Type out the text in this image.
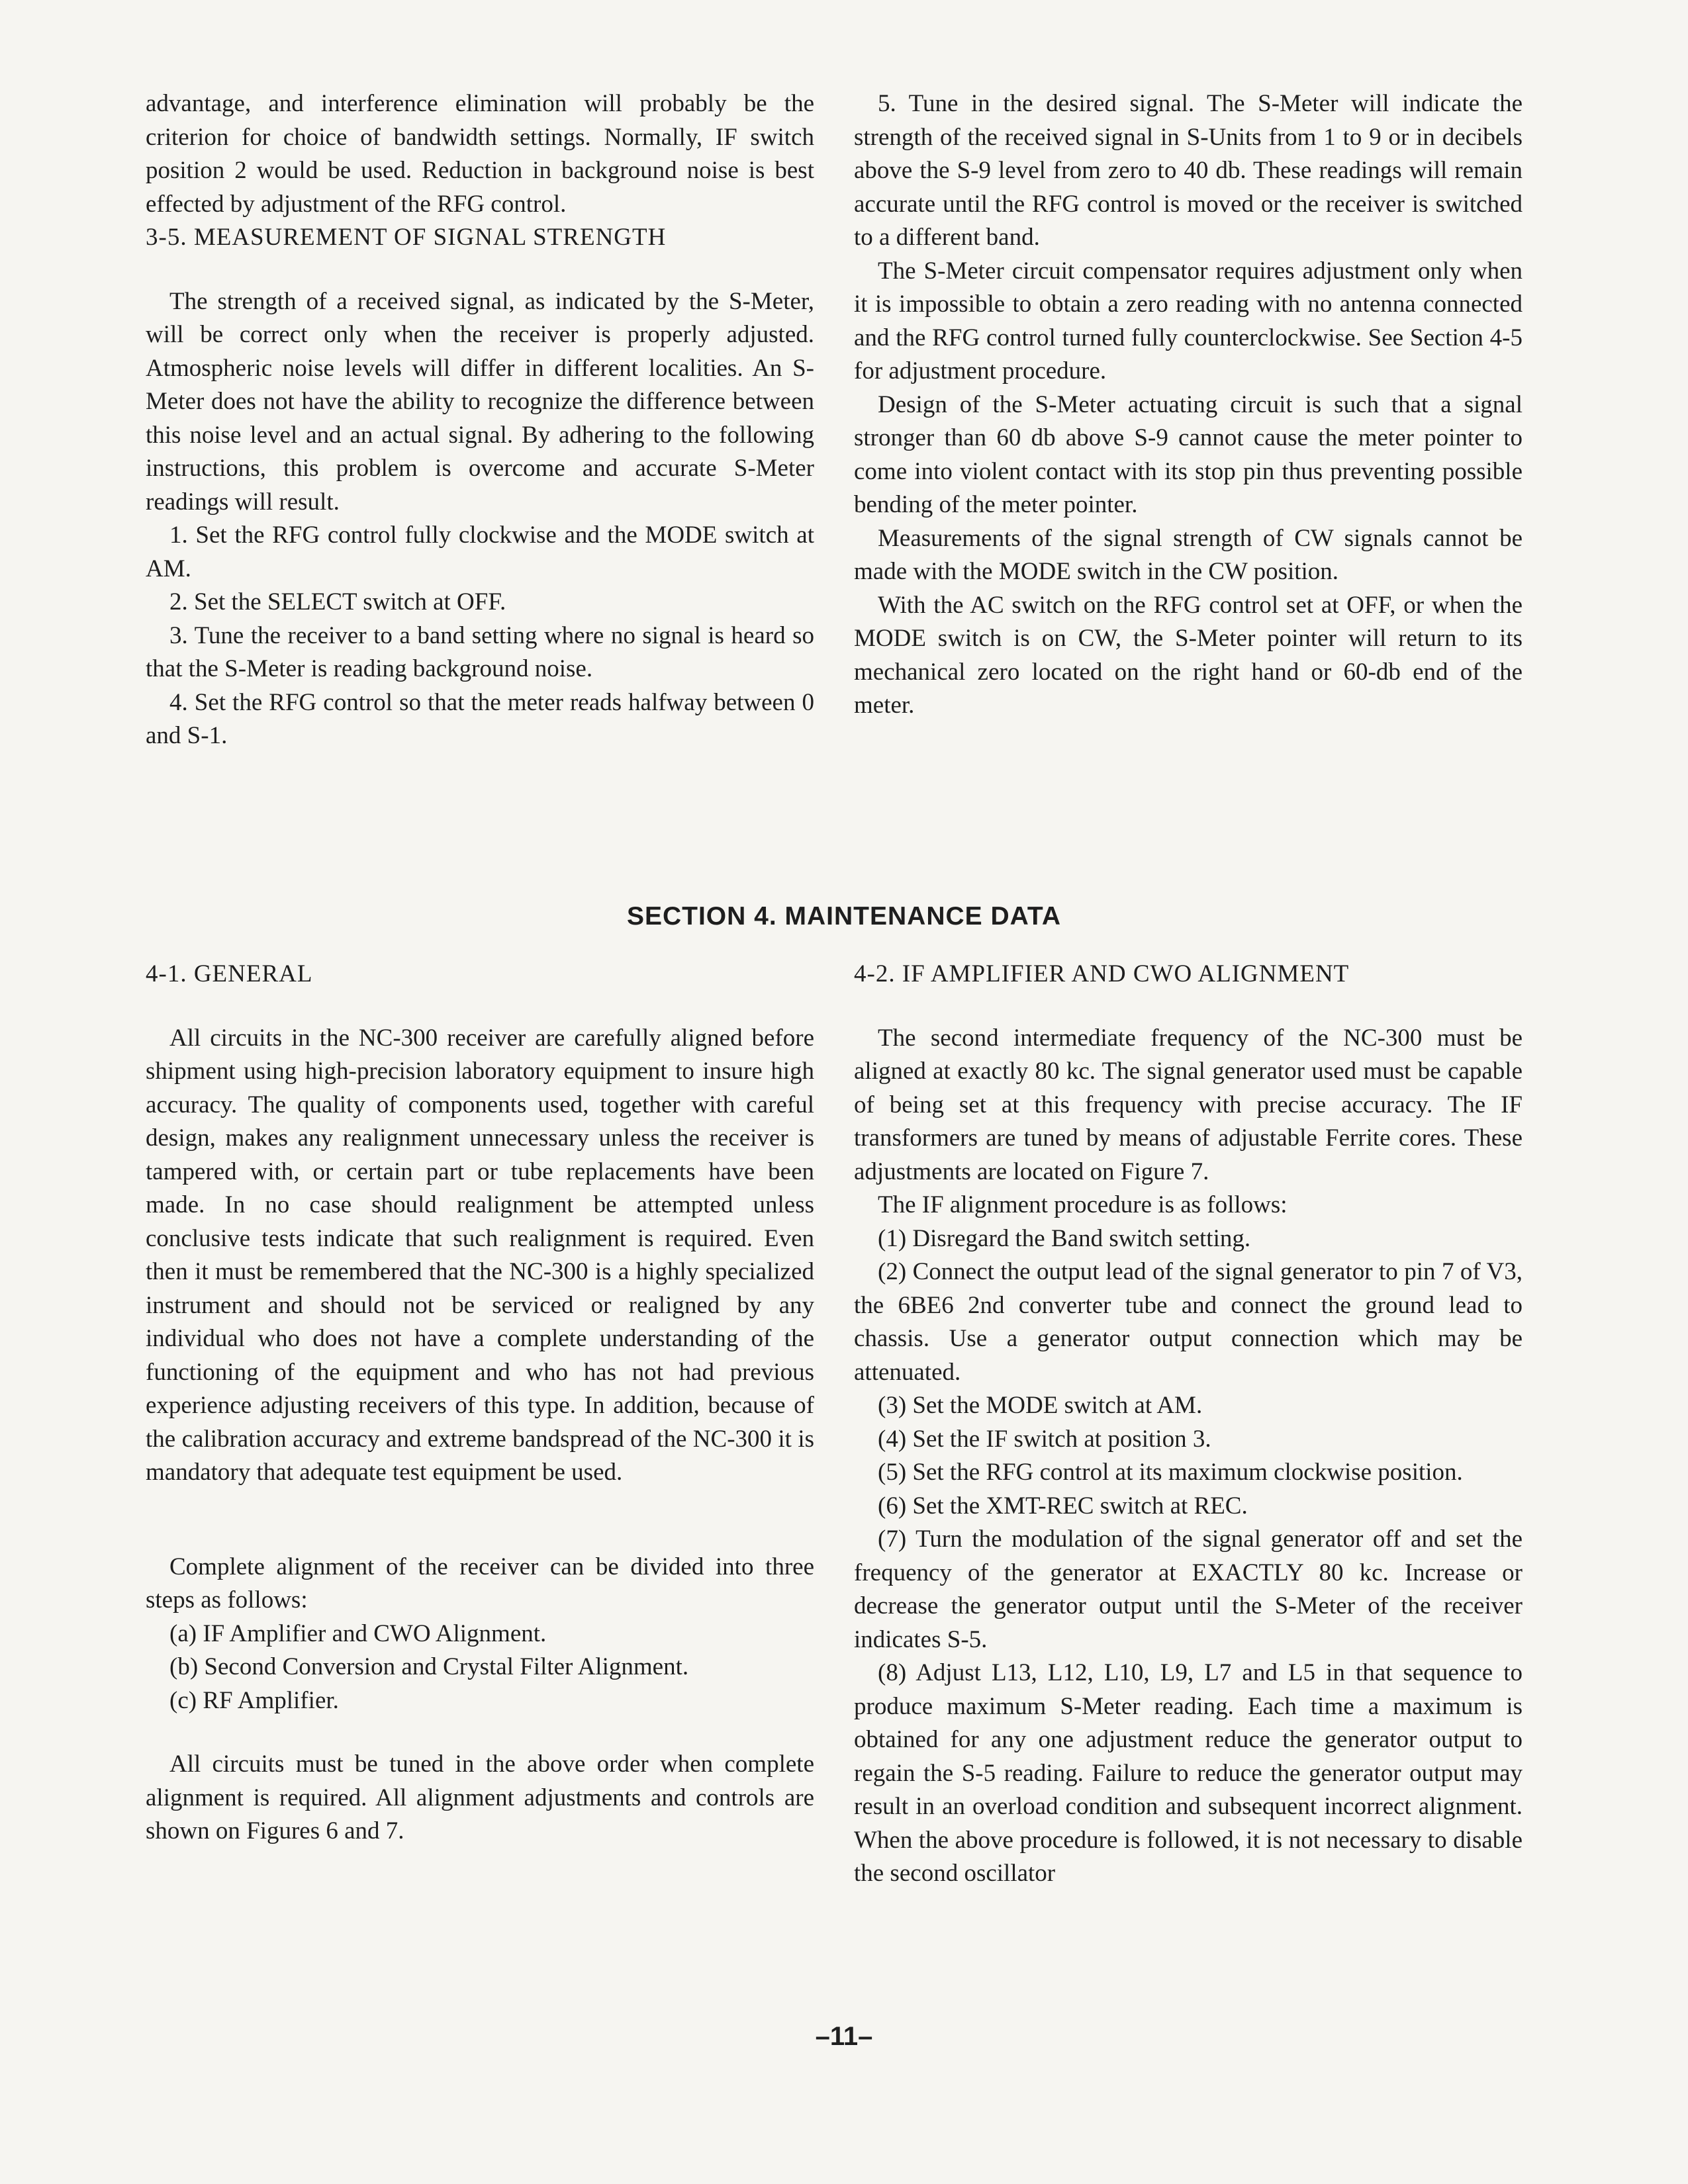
advantage, and interference elimination will probably be the criterion for choice of bandwidth settings. Normally, IF switch position 2 would be used. Reduction in background noise is best effected by adjustment of the RFG control.

3-5. MEASUREMENT OF SIGNAL STRENGTH

The strength of a received signal, as indicated by the S-Meter, will be correct only when the receiver is properly adjusted. Atmospheric noise levels will differ in different localities. An S-Meter does not have the ability to recognize the difference between this noise level and an actual signal. By adhering to the following instructions, this problem is overcome and accurate S-Meter readings will result.

1. Set the RFG control fully clockwise and the MODE switch at AM.

2. Set the SELECT switch at OFF.

3. Tune the receiver to a band setting where no signal is heard so that the S-Meter is reading background noise.

4. Set the RFG control so that the meter reads halfway between 0 and S-1.

5. Tune in the desired signal. The S-Meter will indicate the strength of the received signal in S-Units from 1 to 9 or in decibels above the S-9 level from zero to 40 db. These readings will remain accurate until the RFG control is moved or the receiver is switched to a different band.

The S-Meter circuit compensator requires adjustment only when it is impossible to obtain a zero reading with no antenna connected and the RFG control turned fully counterclockwise. See Section 4-5 for adjustment procedure.

Design of the S-Meter actuating circuit is such that a signal stronger than 60 db above S-9 cannot cause the meter pointer to come into violent contact with its stop pin thus preventing possible bending of the meter pointer.

Measurements of the signal strength of CW signals cannot be made with the MODE switch in the CW position.

With the AC switch on the RFG control set at OFF, or when the MODE switch is on CW, the S-Meter pointer will return to its mechanical zero located on the right hand or 60-db end of the meter.

SECTION 4. MAINTENANCE DATA
4-1. GENERAL

All circuits in the NC-300 receiver are carefully aligned before shipment using high-precision laboratory equipment to insure high accuracy. The quality of components used, together with careful design, makes any realignment unnecessary unless the receiver is tampered with, or certain part or tube replacements have been made. In no case should realignment be attempted unless conclusive tests indicate that such realignment is required. Even then it must be remembered that the NC-300 is a highly specialized instrument and should not be serviced or realigned by any individual who does not have a complete understanding of the functioning of the equipment and who has not had previous experience adjusting receivers of this type. In addition, because of the calibration accuracy and extreme bandspread of the NC-300 it is mandatory that adequate test equipment be used.

Complete alignment of the receiver can be divided into three steps as follows:

(a) IF Amplifier and CWO Alignment.

(b) Second Conversion and Crystal Filter Alignment.

(c) RF Amplifier.

All circuits must be tuned in the above order when complete alignment is required. All alignment adjustments and controls are shown on Figures 6 and 7.

4-2. IF AMPLIFIER AND CWO ALIGNMENT

The second intermediate frequency of the NC-300 must be aligned at exactly 80 kc. The signal generator used must be capable of being set at this frequency with precise accuracy. The IF transformers are tuned by means of adjustable Ferrite cores. These adjustments are located on Figure 7.

The IF alignment procedure is as follows:

(1) Disregard the Band switch setting.

(2) Connect the output lead of the signal generator to pin 7 of V3, the 6BE6 2nd converter tube and connect the ground lead to chassis. Use a generator output connection which may be attenuated.

(3) Set the MODE switch at AM.

(4) Set the IF switch at position 3.

(5) Set the RFG control at its maximum clockwise position.

(6) Set the XMT-REC switch at REC.

(7) Turn the modulation of the signal generator off and set the frequency of the generator at EXACTLY 80 kc. Increase or decrease the generator output until the S-Meter of the receiver indicates S-5.

(8) Adjust L13, L12, L10, L9, L7 and L5 in that sequence to produce maximum S-Meter reading. Each time a maximum is obtained for any one adjustment reduce the generator output to regain the S-5 reading. Failure to reduce the generator output may result in an overload condition and subsequent incorrect alignment. When the above procedure is followed, it is not necessary to disable the second oscillator

–11–
